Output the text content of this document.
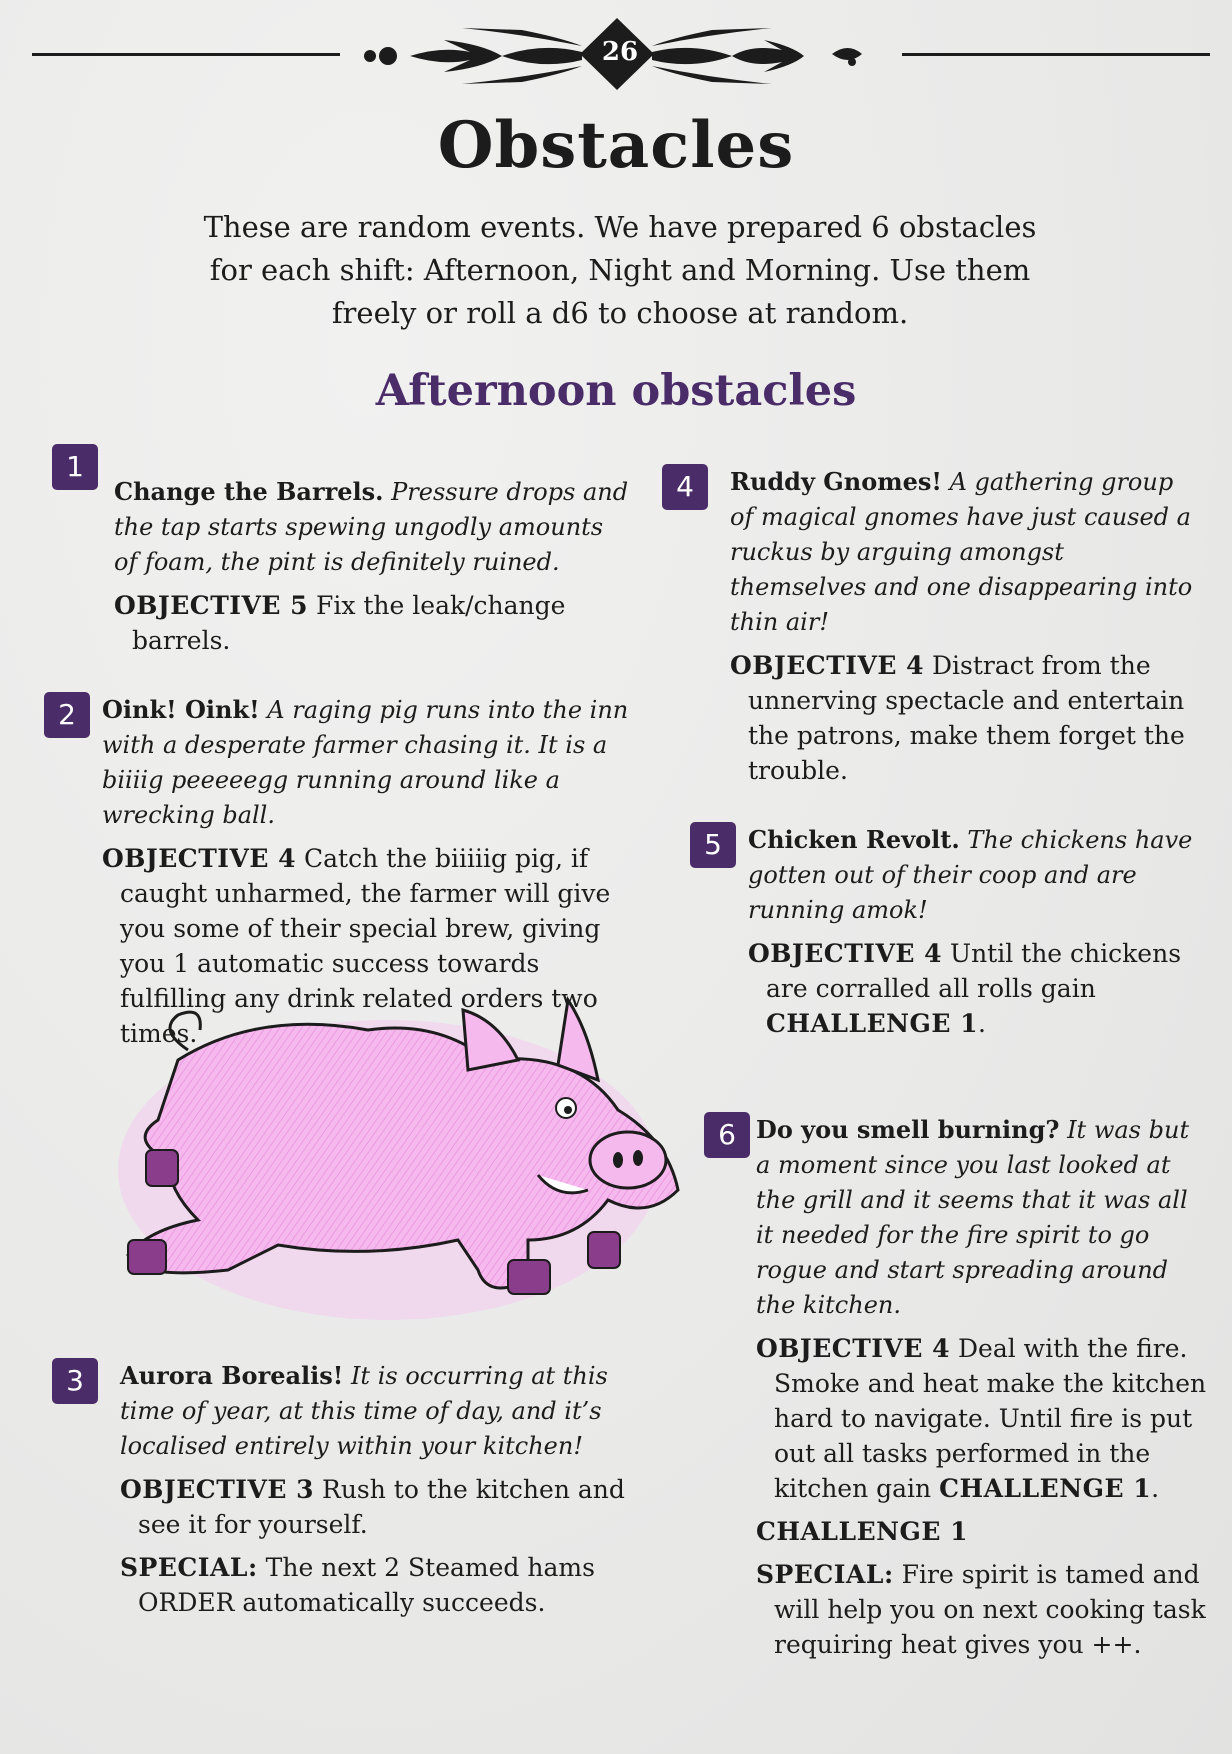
26
Obstacles

These are random events. We have prepared 6 obstacles for each shift: Afternoon, Night and Morning. Use them freely or roll a d6 to choose at random.

Afternoon obstacles
1

Change the Barrels. Pressure drops and the tap starts spewing ungodly amounts of foam, the pint is definitely ruined.

OBJECTIVE 5 Fix the leak/change barrels.

2	Oink! Oink! A raging pig runs into the inn with a desperate farmer chasing it. It is a biiiig peeeeegg running around like a wrecking ball.

OBJECTIVE 4 Catch the biiiiig pig, if caught unharmed, the farmer will give you some of their special brew, giving you 1 automatic success towards fulfilling any drink related orders two times.

3	Aurora Borealis! It is occurring at this time of year, at this time of day, and it’s localised entirely within your kitchen!

OBJECTIVE 3 Rush to the kitchen and see it for yourself.

SPECIAL: The next 2 Steamed hams ORDER automatically succeeds.

4	Ruddy Gnomes! A gathering group of magical gnomes have just caused a ruckus by arguing amongst themselves and one disappearing into thin air!

OBJECTIVE 4 Distract from the unnerving spectacle and entertain the patrons, make them forget the trouble.

5	Chicken Revolt. The chickens have gotten out of their coop and are running amok!

OBJECTIVE 4 Until the chickens are corralled all rolls gain CHALLENGE 1.

6 Do you smell burning? It was but a moment since you last looked at the grill and it seems that it was all it needed for the fire spirit to go rogue and start spreading around the kitchen.

OBJECTIVE 4 Deal with the fire. Smoke and heat make the kitchen hard to navigate. Until fire is put out all tasks performed in the kitchen gain CHALLENGE 1.

CHALLENGE 1

SPECIAL: Fire spirit is tamed and will help you on next cooking task requiring heat gives you ++.
